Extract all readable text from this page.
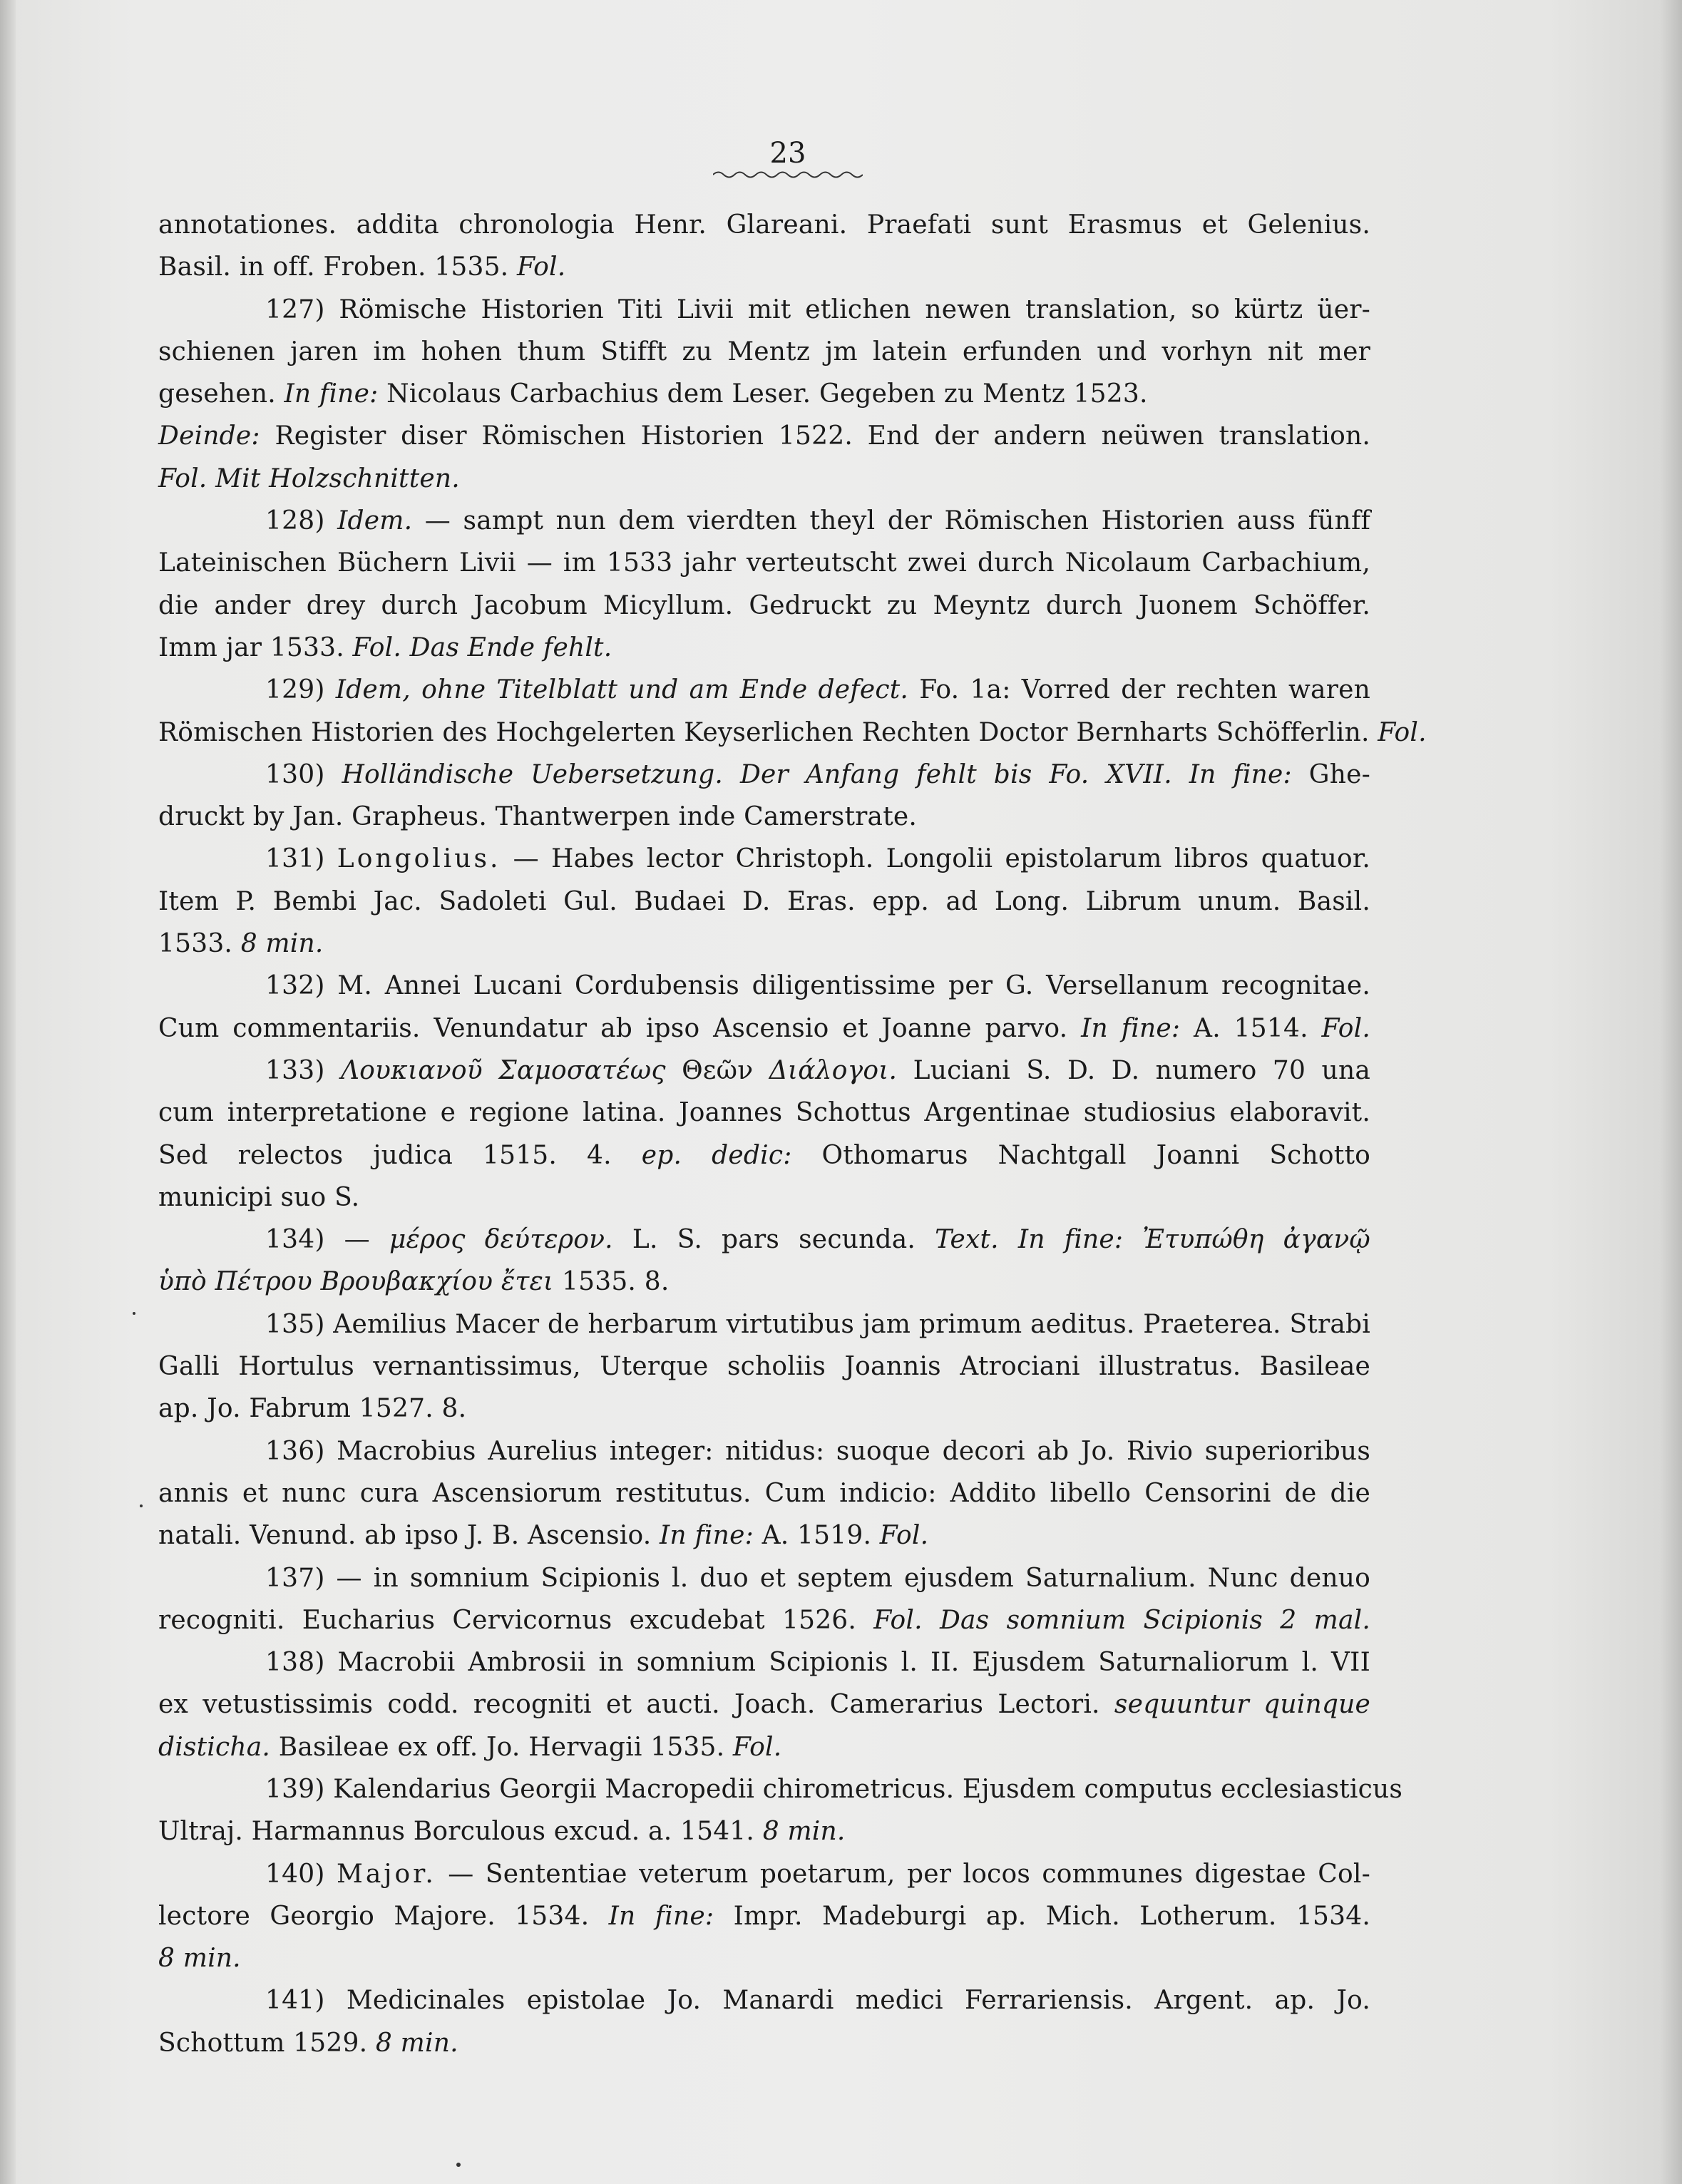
23
annotationes. addita chronologia Henr. Glareani. Praefati sunt Erasmus et Gelenius.
Basil. in off. Froben. 1535. Fol.
127) Römische Historien Titi Livii mit etlichen newen translation, so kürtz üer-
schienen jaren im hohen thum Stifft zu Mentz jm latein erfunden und vorhyn nit mer
gesehen. In fine: Nicolaus Carbachius dem Leser. Gegeben zu Mentz 1523.
Deinde: Register diser Römischen Historien 1522. End der andern neüwen translation.
Fol. Mit Holzschnitten.
128) Idem. — sampt nun dem vierdten theyl der Römischen Historien auss fünff
Lateinischen Büchern Livii — im 1533 jahr verteutscht zwei durch Nicolaum Carbachium,
die ander drey durch Jacobum Micyllum. Gedruckt zu Meyntz durch Juonem Schöffer.
Imm jar 1533. Fol. Das Ende fehlt.
129) Idem, ohne Titelblatt und am Ende defect. Fo. 1a: Vorred der rechten waren
Römischen Historien des Hochgelerten Keyserlichen Rechten Doctor Bernharts Schöfferlin. Fol.
130) Holländische Uebersetzung. Der Anfang fehlt bis Fo. XVII. In fine: Ghe-
druckt by Jan. Grapheus. Thantwerpen inde Camerstrate.
131) Longolius. — Habes lector Christoph. Longolii epistolarum libros quatuor.
Item P. Bembi Jac. Sadoleti Gul. Budaei D. Eras. epp. ad Long. Librum unum. Basil.
1533. 8 min.
132) M. Annei Lucani Cordubensis diligentissime per G. Versellanum recognitae.
Cum commentariis. Venundatur ab ipso Ascensio et Joanne parvo. In fine: A. 1514. Fol.
133) Λουκιανοῦ Σαμοσατέως Θεῶν Διάλογοι. Luciani S. D. D. numero 70 una
cum interpretatione e regione latina. Joannes Schottus Argentinae studiosius elaboravit.
Sed relectos judica 1515. 4. ep. dedic: Othomarus Nachtgall Joanni Schotto
municipi suo S.
134) — μέρος δεύτερον. L. S. pars secunda. Text. In fine: Ἐτυπώθη ἀγανῷ
ὑπὸ Πέτρου Βρουβακχίου ἔτει 1535. 8.
135) Aemilius Macer de herbarum virtutibus jam primum aeditus. Praeterea. Strabi
Galli Hortulus vernantissimus, Uterque scholiis Joannis Atrociani illustratus. Basileae
ap. Jo. Fabrum 1527. 8.
136) Macrobius Aurelius integer: nitidus: suoque decori ab Jo. Rivio superioribus
annis et nunc cura Ascensiorum restitutus. Cum indicio: Addito libello Censorini de die
natali. Venund. ab ipso J. B. Ascensio. In fine: A. 1519. Fol.
137) — in somnium Scipionis l. duo et septem ejusdem Saturnalium. Nunc denuo
recogniti. Eucharius Cervicornus excudebat 1526. Fol. Das somnium Scipionis 2 mal.
138) Macrobii Ambrosii in somnium Scipionis l. II. Ejusdem Saturnaliorum l. VII
ex vetustissimis codd. recogniti et aucti. Joach. Camerarius Lectori. sequuntur quinque
disticha. Basileae ex off. Jo. Hervagii 1535. Fol.
139) Kalendarius Georgii Macropedii chirometricus. Ejusdem computus ecclesiasticus
Ultraj. Harmannus Borculous excud. a. 1541. 8 min.
140) Major. — Sententiae veterum poetarum, per locos communes digestae Col-
lectore Georgio Majore. 1534. In fine: Impr. Madeburgi ap. Mich. Lotherum. 1534.
8 min.
141) Medicinales epistolae Jo. Manardi medici Ferrariensis. Argent. ap. Jo.
Schottum 1529. 8 min.
